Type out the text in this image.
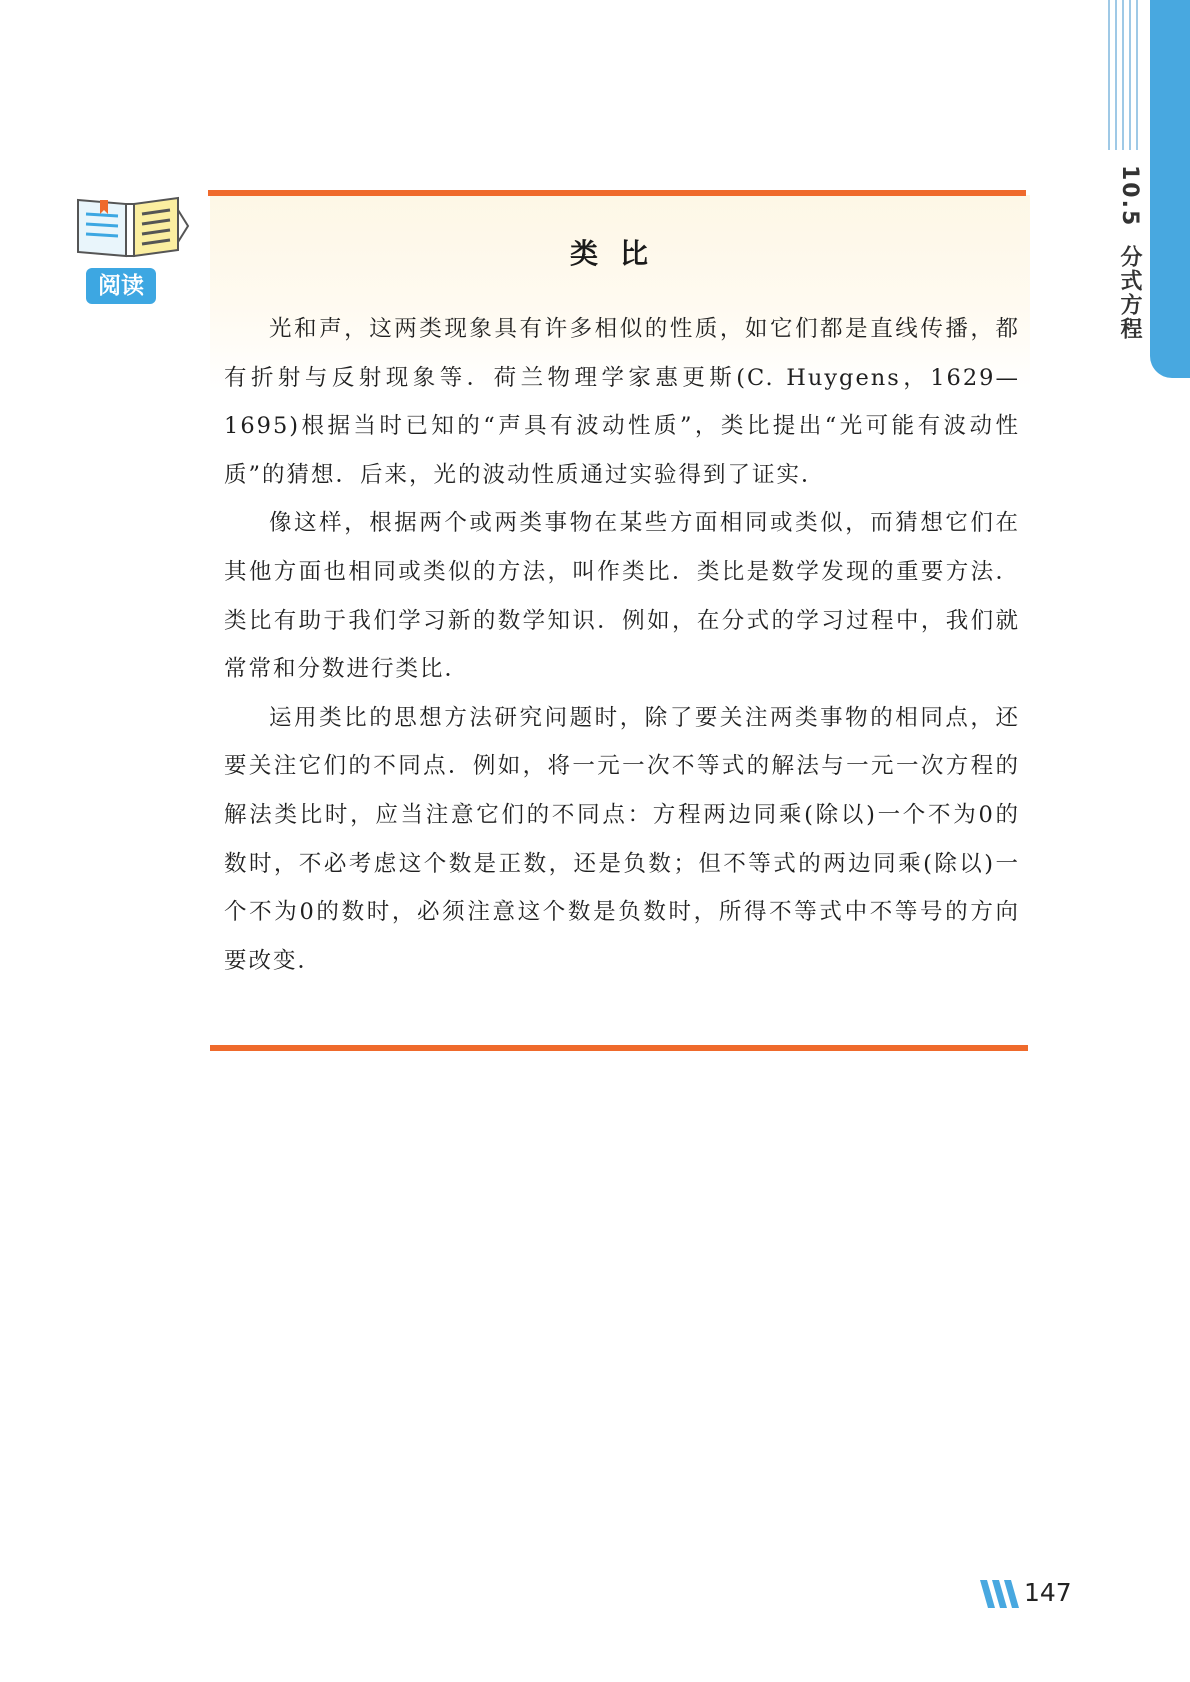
10.5分式方程
阅读
类比

光和声，这两类现象具有许多相似的性质，如它们都是直线传播，都有折射与反射现象等．荷兰物理学家惠更斯(C. Huygens，1629—1695)根据当时已知的“声具有波动性质”，类比提出“光可能有波动性质”的猜想．后来，光的波动性质通过实验得到了证实．

像这样，根据两个或两类事物在某些方面相同或类似，而猜想它们在其他方面也相同或类似的方法，叫作类比．类比是数学发现的重要方法．类比有助于我们学习新的数学知识．例如，在分式的学习过程中，我们就常常和分数进行类比．

运用类比的思想方法研究问题时，除了要关注两类事物的相同点，还要关注它们的不同点．例如，将一元一次不等式的解法与一元一次方程的解法类比时，应当注意它们的不同点：方程两边同乘(除以)一个不为0的数时，不必考虑这个数是正数，还是负数；但不等式的两边同乘(除以)一个不为0的数时，必须注意这个数是负数时，所得不等式中不等号的方向要改变．

147
